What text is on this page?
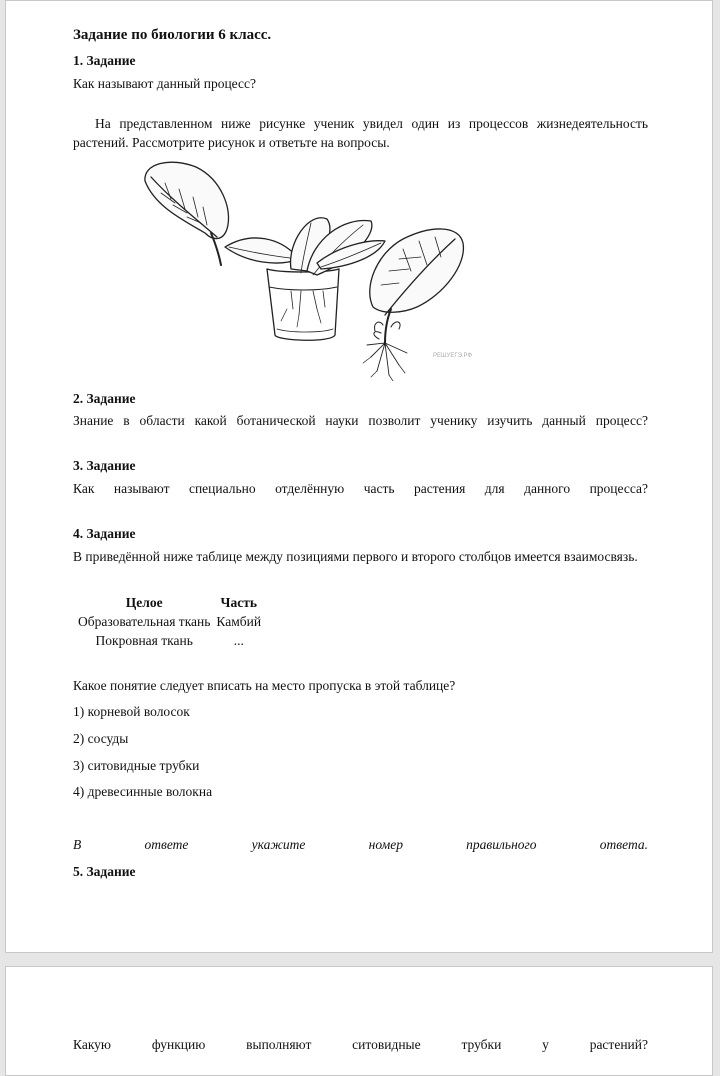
Задание по биологии 6 класс.

1. Задание

Как называют данный процесс?

На представленном ниже рисунке ученик увидел один из процессов жизнедеятельность растений. Рассмотрите рисунок и ответьте на вопросы.

РЕШУЕГЭ.РФ

2. Задание

Знание в области какой ботанической науки позволит ученику изучить данный процесс?

3. Задание

Как называют специально отделённую часть растения для данного процесса?

4. Задание

В приведённой ниже таблице между позициями первого и второго столбцов имеется взаимосвязь.

Целое	Часть
Образовательная ткань	Камбий
Покровная ткань	...

Какое понятие следует вписать на место пропуска в этой таблице?

1) корневой волосок

2) сосуды

3) ситовидные трубки

4) древесинные волокна

В ответе укажите номер правильного ответа.

5. Задание

Какую функцию выполняют ситовидные трубки у растений?
